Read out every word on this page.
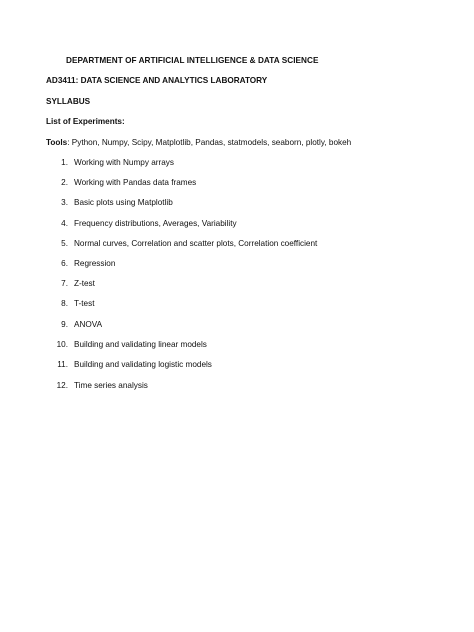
DEPARTMENT OF ARTIFICIAL INTELLIGENCE & DATA SCIENCE
AD3411: DATA SCIENCE AND ANALYTICS LABORATORY
SYLLABUS
List of Experiments:
Tools: Python, Numpy, Scipy, Matplotlib, Pandas, statmodels, seaborn, plotly, bokeh
1. Working with Numpy arrays
2. Working with Pandas data frames
3. Basic plots using Matplotlib
4. Frequency distributions, Averages, Variability
5. Normal curves, Correlation and scatter plots, Correlation coefficient
6. Regression
7. Z-test
8. T-test
9. ANOVA
10. Building and validating linear models
11. Building and validating logistic models
12. Time series analysis
